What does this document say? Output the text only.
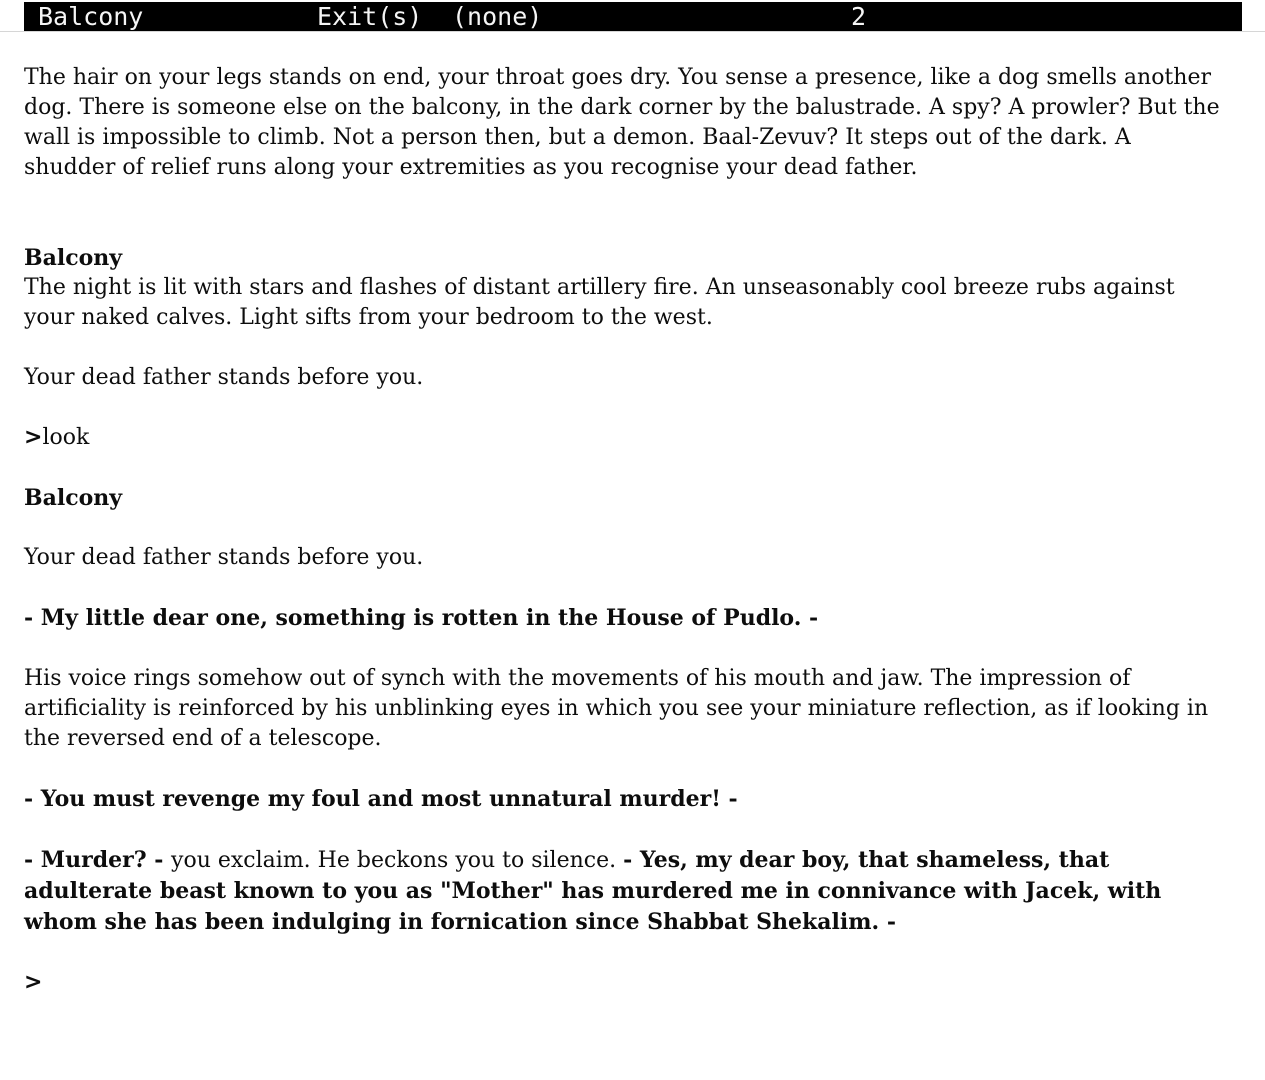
Balcony

	Exit(s)

(none)

	2

The hair on your legs stands on end, your throat goes dry. You sense a presence, like a dog smells another dog. There is someone else on the balcony, in the dark corner by the balustrade. A spy? A prowler? But the wall is impossible to climb. Not a person then, but a demon. Baal-Zevuv? It steps out of the dark. A shudder of relief runs along your extremities as you recognise your dead father.
Balcony
The night is lit with stars and flashes of distant artillery fire. An unseasonably cool breeze rubs against your naked calves. Light sifts from your bedroom to the west.
Your dead father stands before you.
>look
Balcony
Your dead father stands before you.
- My little dear one, something is rotten in the House of Pudlo. -
His voice rings somehow out of synch with the movements of his mouth and jaw. The impression of artificiality is reinforced by his unblinking eyes in which you see your miniature reflection, as if looking in the reversed end of a telescope.
- You must revenge my foul and most unnatural murder! -
- Murder? - you exclaim. He beckons you to silence. - Yes, my dear boy, that shameless, that adulterate beast known to you as "Mother" has murdered me in connivance with Jacek, with whom she has been indulging in fornication since Shabbat Shekalim. -
>
